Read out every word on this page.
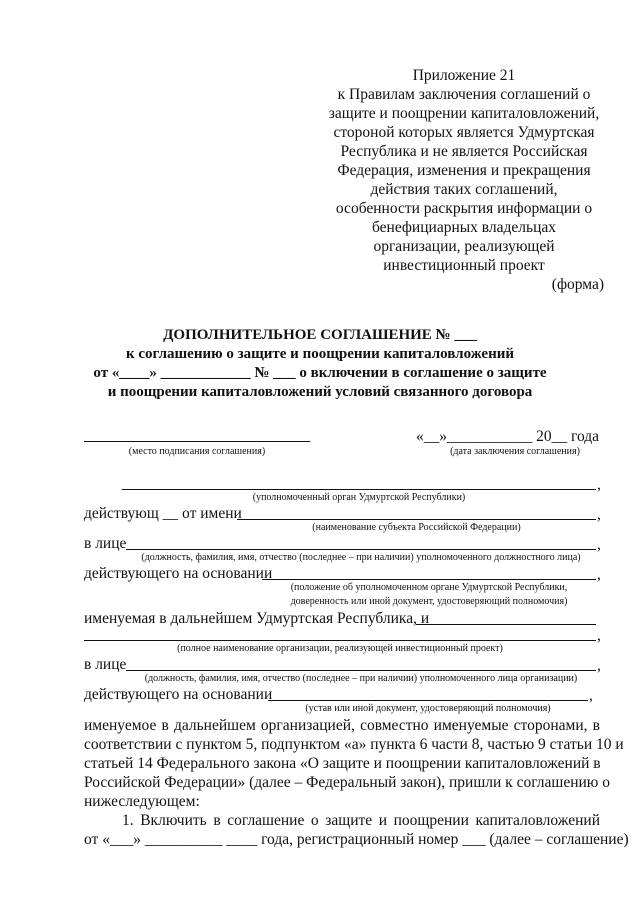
Приложение 21
к Правилам заключения соглашений о
защите и поощрении капиталовложений,
стороной которых является Удмуртская
Республика и не является Российская
Федерация, изменения и прекращения
действия таких соглашений,
особенности раскрытия информации о
бенефициарных владельцах
организации, реализующей
инвестиционный проект
(форма)
ДОПОЛНИТЕЛЬНОЕ СОГЛАШЕНИЕ № ___
к соглашению о защите и поощрении капиталовложений
от «____» ____________ № ___ о включении в соглашение о защите
и поощрении капиталовложений условий связанного договора
(место подписания соглашения)
«__»___________ 20__ года
(дата заключения соглашения)
,
(уполномоченный орган Удмуртской Республики)
действующ __ от имени	,
(наименование субъекта Российской Федерации)
в лице	,
(должность, фамилия, имя, отчество (последнее – при наличии) уполномоченного должностного лица)
действующего на основании	,
(положение об уполномоченном органе Удмуртской Республики,
доверенность или иной документ, удостоверяющий полномочия)
именуемая в дальнейшем Удмуртская Республика, и
,
(полное наименование организации, реализующей инвестиционный проект)
в лице	,
(должность, фамилия, имя, отчество (последнее – при наличии) уполномоченного лица организации)
действующего на основании	,
(устав или иной документ, удостоверяющий полномочия)
именуемое в дальнейшем организацией, совместно именуемые сторонами, в
соответствии с пунктом 5, подпунктом «а» пункта 6 части 8, частью 9 статьи 10 и
статьей 14 Федерального закона «О защите и поощрении капиталовложений в
Российской Федерации» (далее – Федеральный закон), пришли к соглашению о
нижеследующем:
1. Включить в соглашение о защите и поощрении капиталовложений
от «___» __________ ____ года, регистрационный номер ___ (далее – соглашение)
